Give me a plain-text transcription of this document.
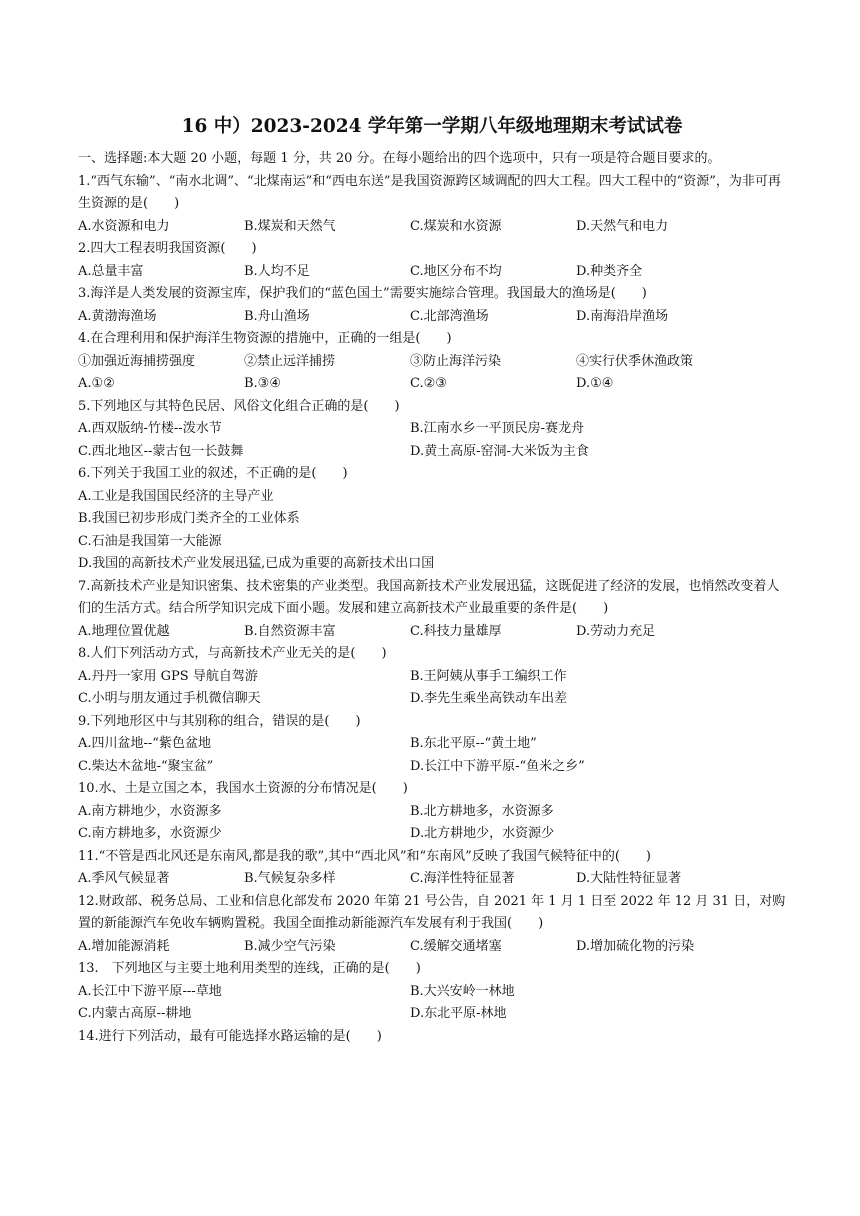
16 中）2023-2024 学年第一学期八年级地理期末考试试卷
一、选择题:本大题 20 小题，每题 1 分，共 20 分。在每小题给出的四个选项中，只有一项是符合题目要求的。
1.“西气东输”、“南水北调”、“北煤南运”和“西电东送”是我国资源跨区域调配的四大工程。四大工程中的“资源”，为非可再生资源的是(　　)
A.水资源和电力	B.煤炭和天然气	C.煤炭和水资源	D.天然气和电力
2.四大工程表明我国资源(　　)
A.总量丰富	B.人均不足	C.地区分布不均	D.种类齐全
3.海洋是人类发展的资源宝库，保护我们的“蓝色国土”需要实施综合管理。我国最大的渔场是(　　)
A.黄渤海渔场	B.舟山渔场	C.北部湾渔场	D.南海沿岸渔场
4.在合理利用和保护海洋生物资源的措施中，正确的一组是(　　)
①加强近海捕捞强度	②禁止远洋捕捞	③防止海洋污染	④实行伏季休渔政策
A.①②	B.③④	C.②③	D.①④
5.下列地区与其特色民居、风俗文化组合正确的是(　　)
A.西双版纳-竹楼--泼水节	B.江南水乡一平顶民房-赛龙舟
C.西北地区--蒙古包一长鼓舞	D.黄土高原-窑洞-大米饭为主食
6.下列关于我国工业的叙述，不正确的是(　　)
A.工业是我国国民经济的主导产业
B.我国已初步形成门类齐全的工业体系
C.石油是我国第一大能源
D.我国的高新技术产业发展迅猛,已成为重要的高新技术出口国
7.高新技术产业是知识密集、技术密集的产业类型。我国高新技术产业发展迅猛，这既促进了经济的发展，也悄然改变着人们的生活方式。结合所学知识完成下面小题。发展和建立高新技术产业最重要的条件是(　　)
A.地理位置优越	B.自然资源丰富	C.科技力量雄厚	D.劳动力充足
8.人们下列活动方式，与高新技术产业无关的是(　　)
A.丹丹一家用 GPS 导航自驾游	B.王阿姨从事手工编织工作
C.小明与朋友通过手机微信聊天	D.李先生乘坐高铁动车出差
9.下列地形区中与其别称的组合，错误的是(　　)
A.四川盆地--“紫色盆地	B.东北平原--“黄土地”
C.柴达木盆地-“聚宝盆”	D.长江中下游平原-“鱼米之乡”
10.水、土是立国之本，我国水土资源的分布情况是(　　)
A.南方耕地少，水资源多	B.北方耕地多，水资源多
C.南方耕地多，水资源少	D.北方耕地少，水资源少
11.“不管是西北风还是东南风,都是我的歌”,其中“西北风”和“东南风”反映了我国气候特征中的(　　)
A.季风气候显著	B.气候复杂多样	C.海洋性特征显著	D.大陆性特征显著
12.财政部、税务总局、工业和信息化部发布 2020 年第 21 号公告，自 2021 年 1 月 1 日至 2022 年 12 月 31 日，对购置的新能源汽车免收车辆购置税。我国全面推动新能源汽车发展有利于我国(　　)
A.增加能源消耗	B.减少空气污染	C.缓解交通堵塞	D.增加硫化物的污染
13.　下列地区与主要土地利用类型的连线，正确的是(　　)
A.长江中下游平原---草地	B.大兴安岭一林地
C.内蒙古高原--耕地	D.东北平原-林地
14.进行下列活动，最有可能选择水路运输的是(　　)
